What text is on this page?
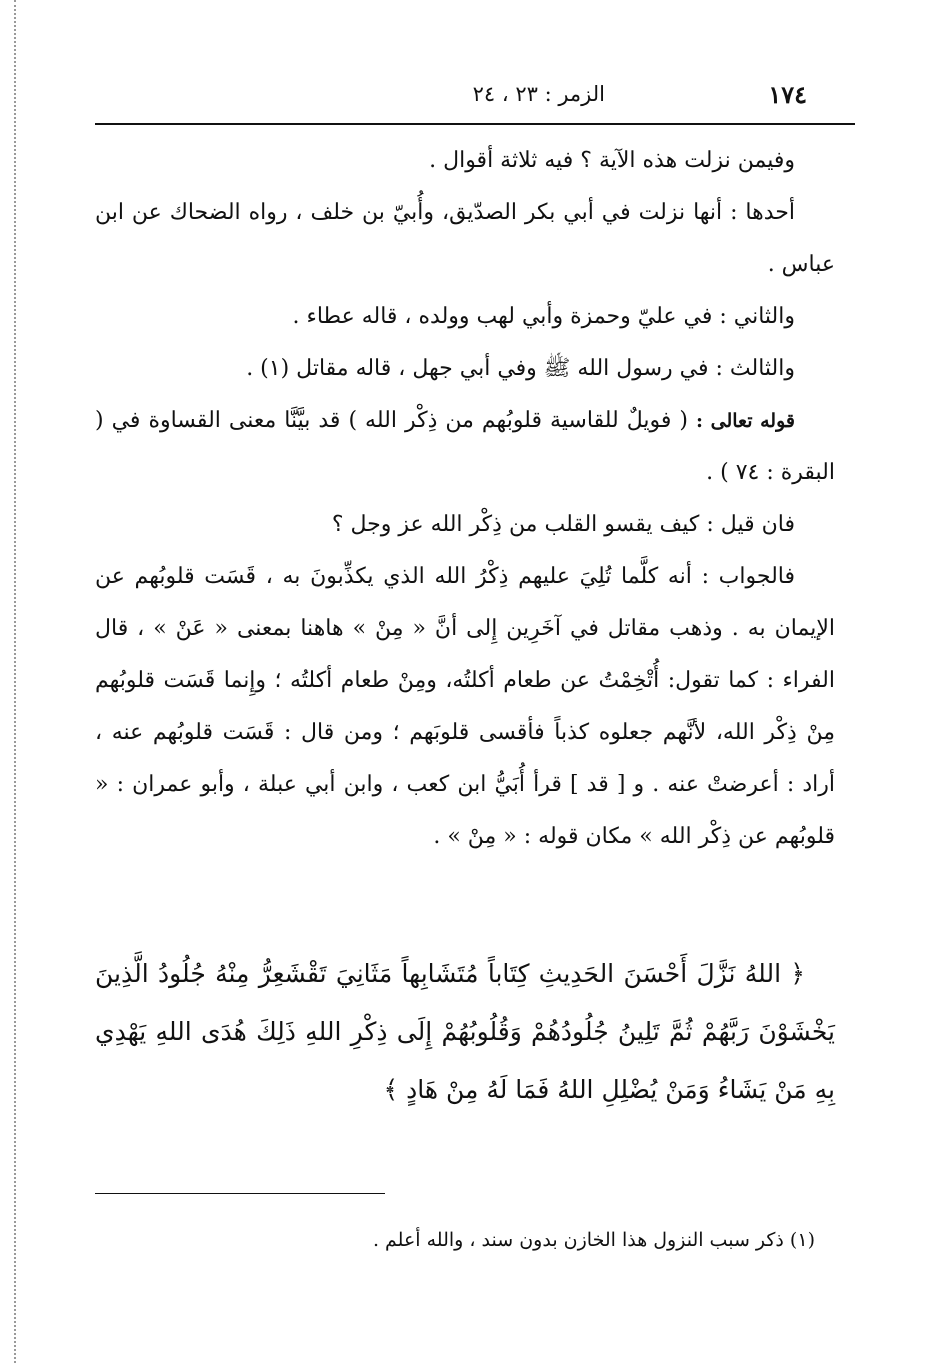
١٧٤
الزمر : ٢٣ ، ٢٤

وفيمن نزلت هذه الآية ؟ فيه ثلاثة أقوال .

أحدها : أنها نزلت في أبي بكر الصدّيق، وأُبيّ بن خلف ، رواه الضحاك عن ابن عباس .

والثاني : في عليّ وحمزة وأبي لهب وولده ، قاله عطاء .

والثالث : في رسول الله ﷺ وفي أبي جهل ، قاله مقاتل (١) .

قوله تعالى : ( فويلٌ للقاسية قلوبُهم من ذِكْر الله ) قد بيَّنَّا معنى القساوة في ( البقرة : ٧٤ ) .

فان قيل : كيف يقسو القلب من ذِكْر الله عز وجل ؟

فالجواب : أنه كلَّما تُلِيَ عليهم ذِكْرُ الله الذي يكذِّبونَ به ، قَسَت قلوبُهم عن الإيمان به . وذهب مقاتل في آخَرِين إِلى أنَّ « مِنْ » هاهنا بمعنى « عَنْ » ، قال الفراء : كما تقول: أُتْخِمْتُ عن طعام أكلتُه، ومِنْ طعام أكلتُه ؛ وإِنما قَسَت قلوبُهم مِنْ ذِكْر الله، لأنَّهم جعلوه كذباً فأقسى قلوبَهم ؛ ومن قال : قَسَت قلوبُهم عنه ، أراد : أعرضتْ عنه . و [ قد ] قرأ أُبَيُّ ابن كعب ، وابن أبي عبلة ، وأبو عمران : « قلوبُهم عن ذِكْر الله » مكان قوله : « مِنْ » .

﴿ اللهُ نَزَّلَ أَحْسَنَ الحَدِيثِ كِتَاباً مُتَشَابِهاً مَثَانِيَ تَقْشَعِرُّ مِنْهُ جُلُودُ الَّذِينَ يَخْشَوْنَ رَبَّهُمْ ثُمَّ تَلِينُ جُلُودُهُمْ وَقُلُوبُهُمْ إِلَى ذِكْرِ اللهِ ذَلِكَ هُدَى اللهِ يَهْدِي بِهِ مَنْ يَشَاءُ وَمَنْ يُضْلِلِ اللهُ فَمَا لَهُ مِنْ هَادٍ ﴾

(١) ذكر سبب النزول هذا الخازن بدون سند ، والله أعلم .
